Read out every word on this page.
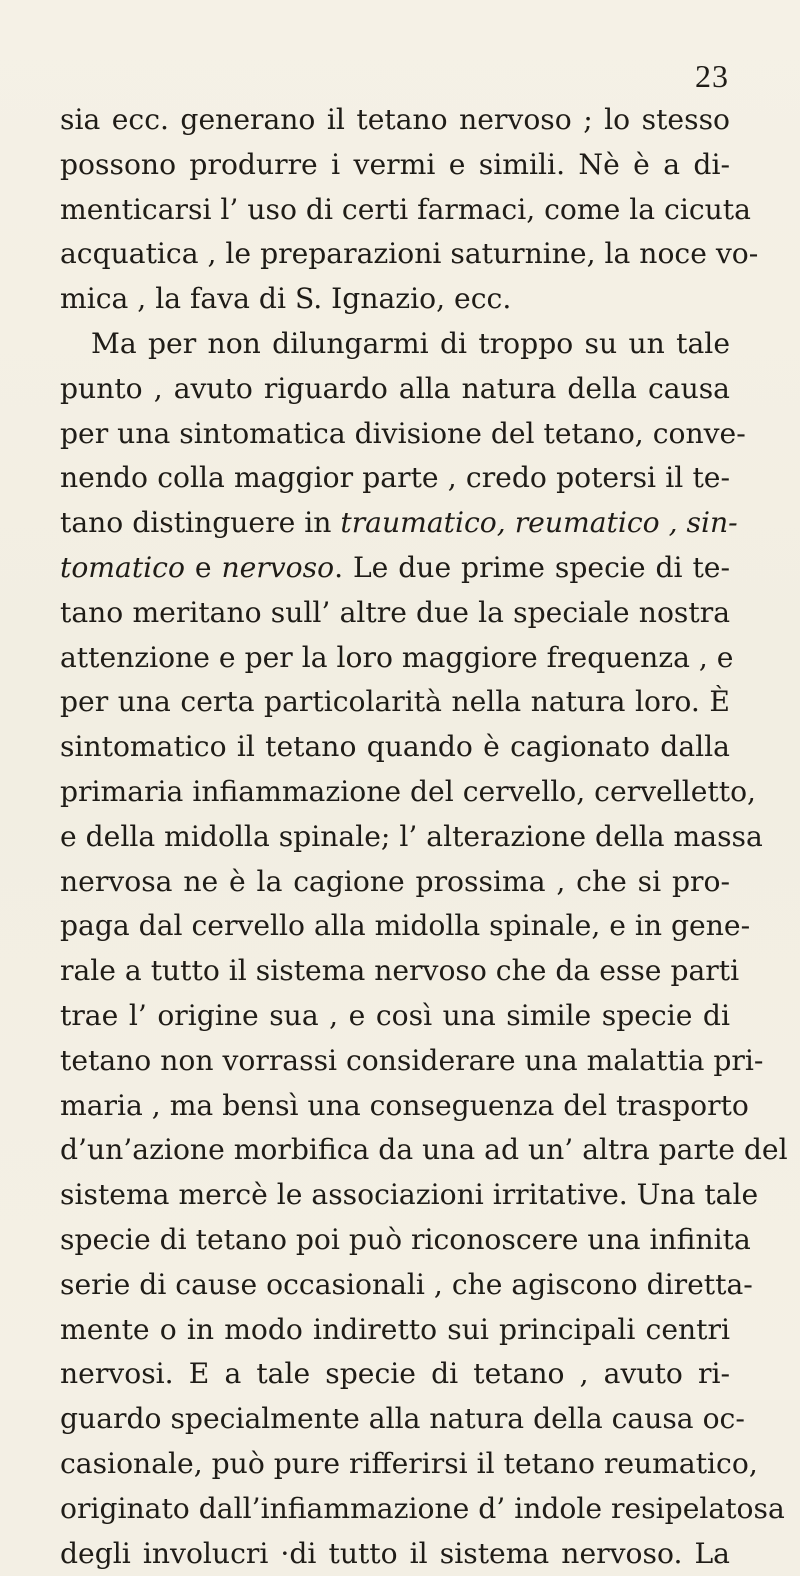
23
sia ecc. generano il tetano nervoso ; lo stesso
possono produrre i vermi e simili. Nè è a di-
menticarsi l’ uso di certi farmaci, come la cicuta
acquatica , le preparazioni saturnine, la noce vo-
mica , la fava di S. Ignazio, ecc.
Ma per non dilungarmi di troppo su un tale
punto , avuto riguardo alla natura della causa
per una sintomatica divisione del tetano, conve-
nendo colla maggior parte , credo potersi il te-
tano distinguere in traumatico, reumatico , sin-
tomatico e nervoso. Le due prime specie di te-
tano meritano sull’ altre due la speciale nostra
attenzione e per la loro maggiore frequenza , e
per una certa particolarità nella natura loro. È
sintomatico il tetano quando è cagionato dalla
primaria infiammazione del cervello, cervelletto,
e della midolla spinale; l’ alterazione della massa
nervosa ne è la cagione prossima , che si pro-
paga dal cervello alla midolla spinale, e in gene-
rale a tutto il sistema nervoso che da esse parti
trae l’ origine sua , e così una simile specie di
tetano non vorrassi considerare una malattia pri-
maria , ma bensì una conseguenza del trasporto
d’un’azione morbifica da una ad un’ altra parte del
sistema mercè le associazioni irritative. Una tale
specie di tetano poi può riconoscere una infinita
serie di cause occasionali , che agiscono diretta-
mente o in modo indiretto sui principali centri
nervosi. E a tale specie di tetano , avuto ri-
guardo specialmente alla natura della causa oc-
casionale, può pure rifferirsi il tetano reumatico,
originato dall’infiammazione d’ indole resipelatosa
degli involucri ·di tutto il sistema nervoso. La
